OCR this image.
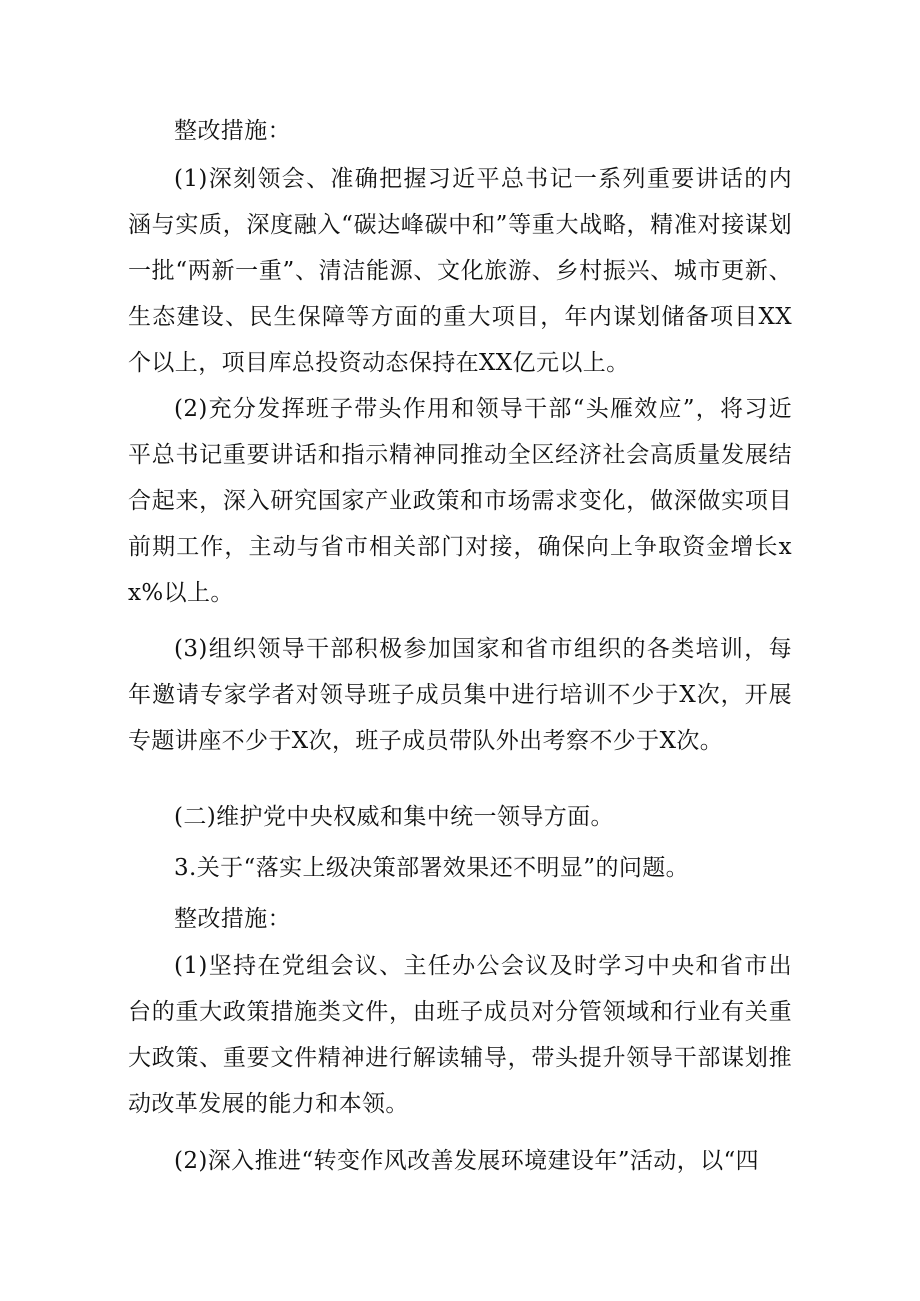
整改措施：

(1)深刻领会、准确把握习近平总书记一系列重要讲话的内涵与实质，深度融入“碳达峰碳中和”等重大战略，精准对接谋划一批“两新一重”、清洁能源、文化旅游、乡村振兴、城市更新、生态建设、民生保障等方面的重大项目，年内谋划储备项目XX个以上，项目库总投资动态保持在XX亿元以上。

(2)充分发挥班子带头作用和领导干部“头雁效应”，将习近平总书记重要讲话和指示精神同推动全区经济社会高质量发展结合起来，深入研究国家产业政策和市场需求变化，做深做实项目前期工作，主动与省市相关部门对接，确保向上争取资金增长xx%以上。

(3)组织领导干部积极参加国家和省市组织的各类培训，每年邀请专家学者对领导班子成员集中进行培训不少于X次，开展专题讲座不少于X次，班子成员带队外出考察不少于X次。

(二)维护党中央权威和集中统一领导方面。

3.关于“落实上级决策部署效果还不明显”的问题。

整改措施：

(1)坚持在党组会议、主任办公会议及时学习中央和省市出台的重大政策措施类文件，由班子成员对分管领域和行业有关重大政策、重要文件精神进行解读辅导，带头提升领导干部谋划推动改革发展的能力和本领。

(2)深入推进“转变作风改善发展环境建设年”活动，以“四
